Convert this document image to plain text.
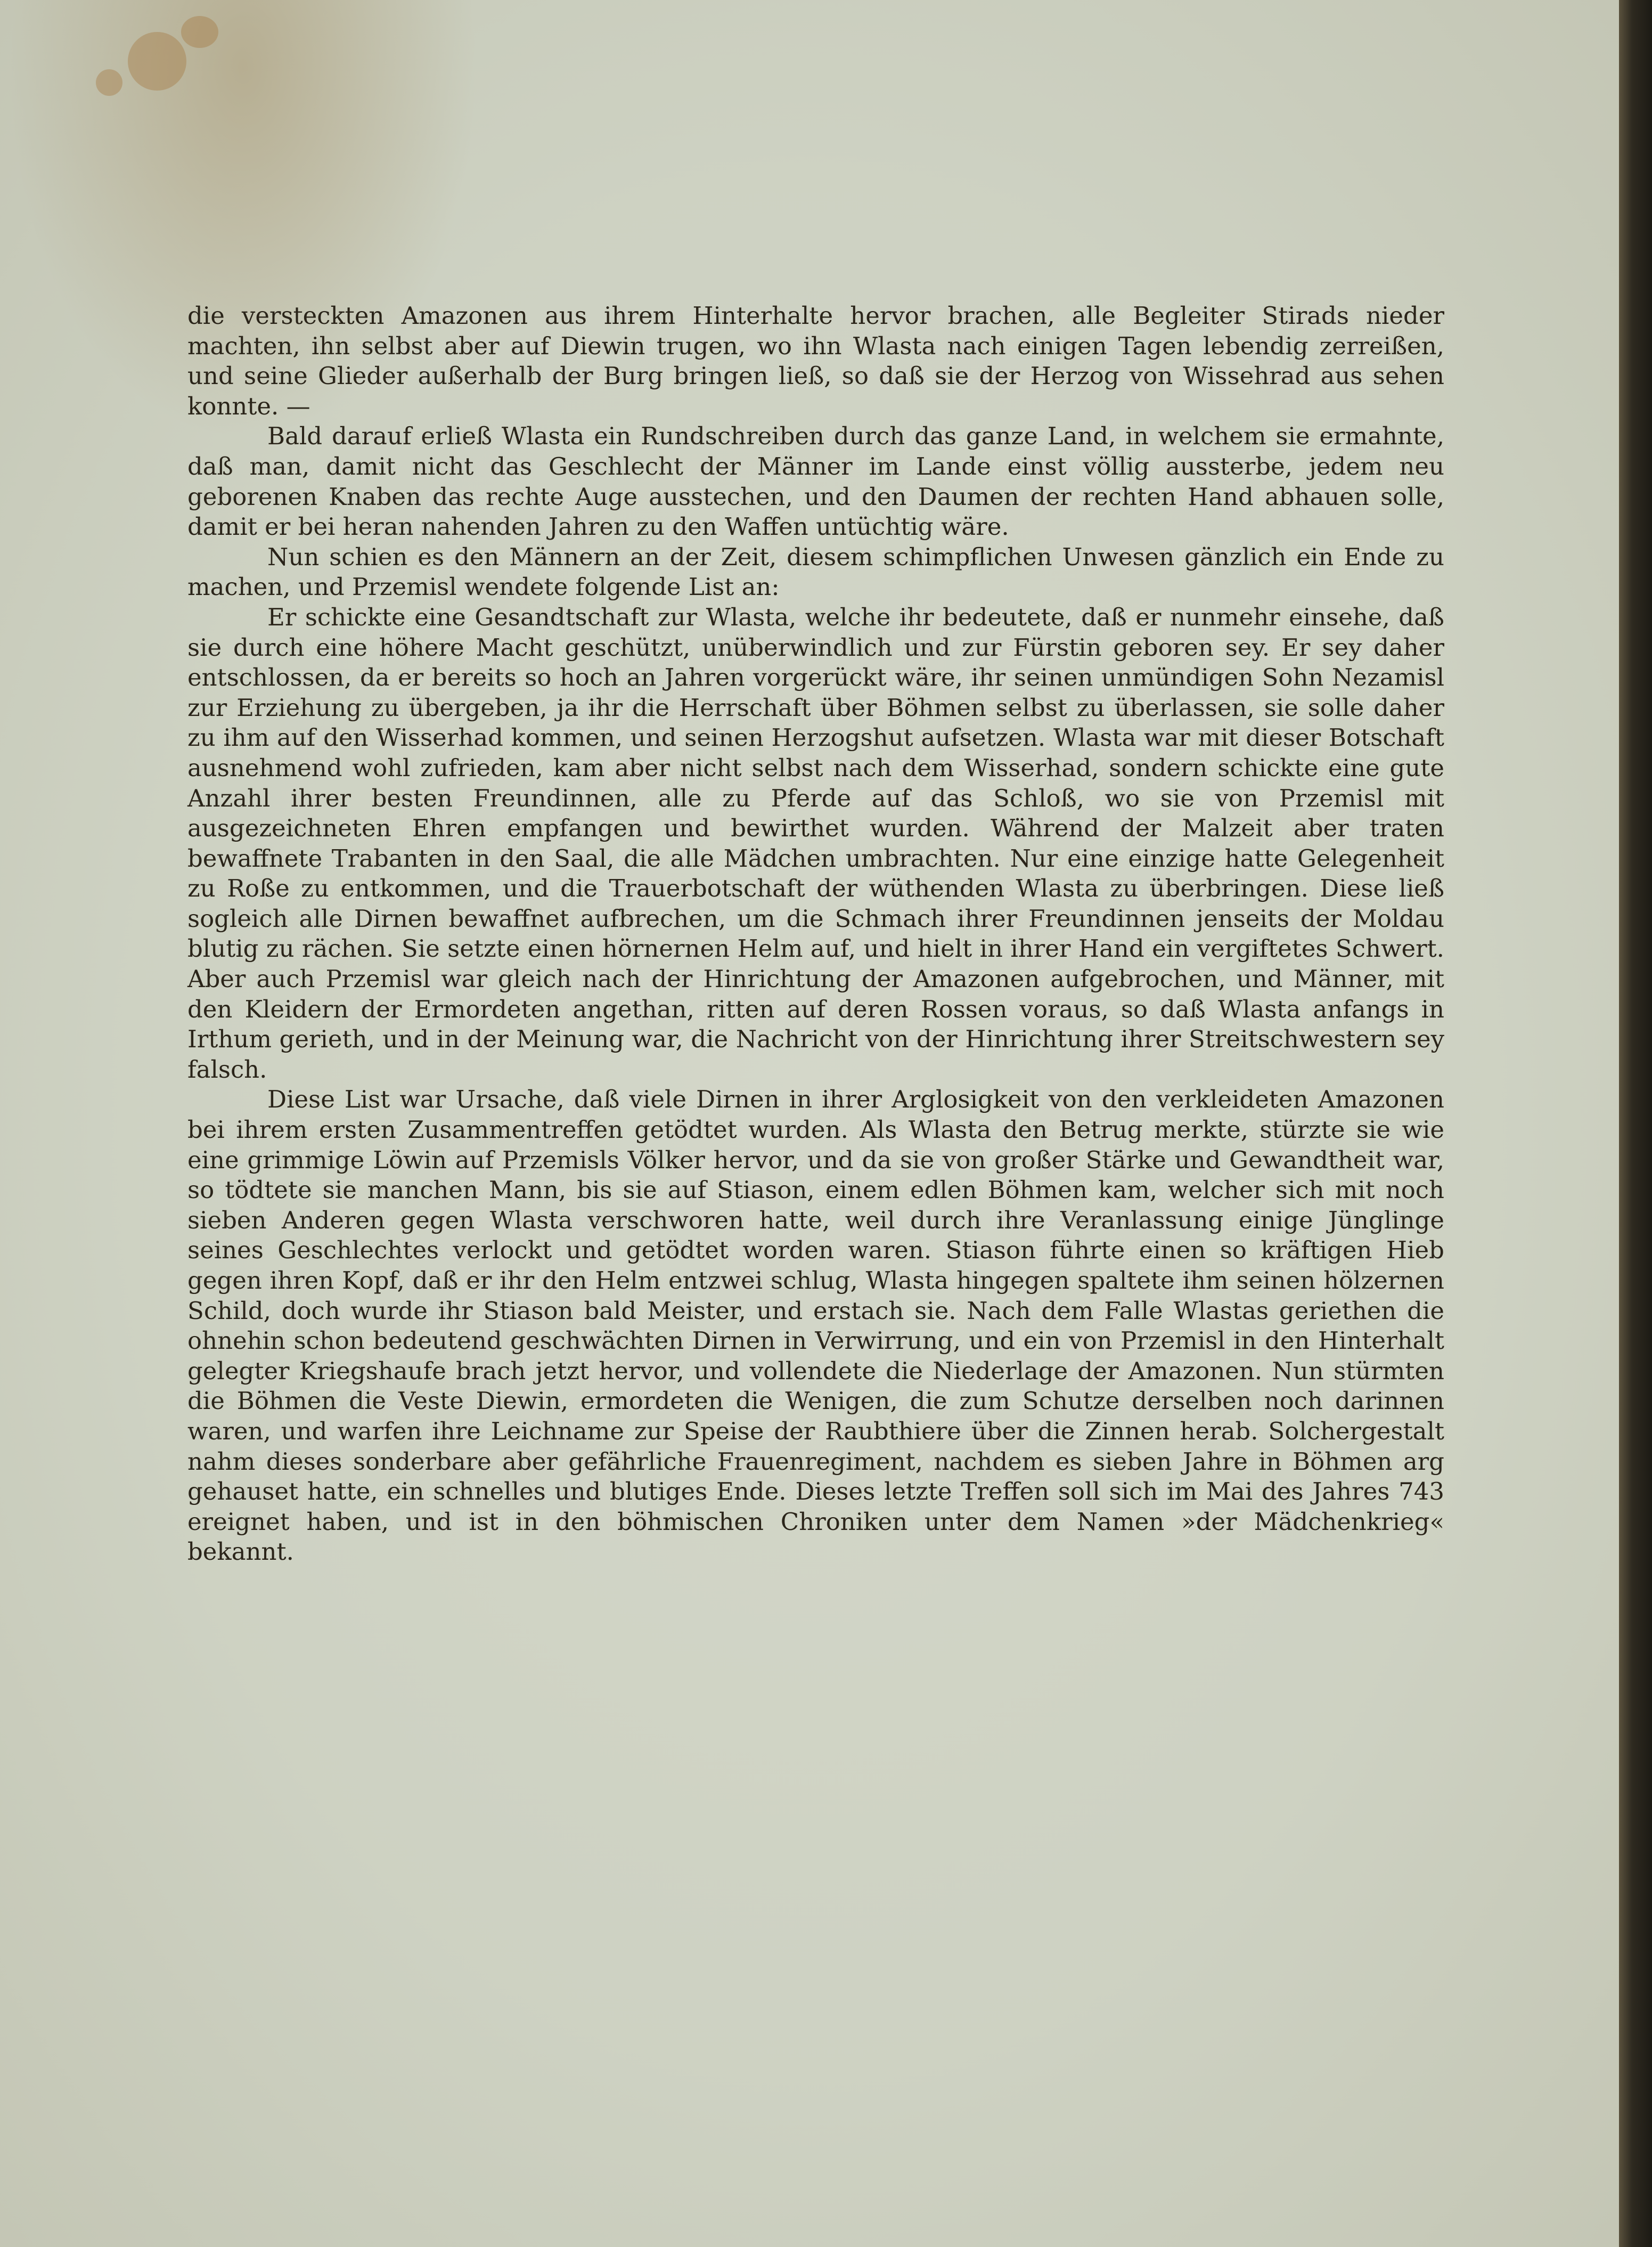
die versteckten Amazonen aus ihrem Hinterhalte hervor brachen, alle Begleiter Stirads nieder machten, ihn selbst aber auf Diewin trugen, wo ihn Wlasta nach einigen Tagen lebendig zerreißen, und seine Glieder außerhalb der Burg bringen ließ, so daß sie der Herzog von Wissehrad aus sehen konnte. —

Bald darauf erließ Wlasta ein Rundschreiben durch das ganze Land, in welchem sie ermahnte, daß man, damit nicht das Geschlecht der Männer im Lande einst völlig aussterbe, jedem neu geborenen Knaben das rechte Auge ausstechen, und den Daumen der rechten Hand abhauen solle, damit er bei heran nahenden Jahren zu den Waffen untüchtig wäre.

Nun schien es den Männern an der Zeit, diesem schimpflichen Unwesen gänzlich ein Ende zu machen, und Przemisl wendete folgende List an:

Er schickte eine Gesandtschaft zur Wlasta, welche ihr bedeutete, daß er nunmehr einsehe, daß sie durch eine höhere Macht geschützt, unüberwindlich und zur Fürstin geboren sey. Er sey daher entschlossen, da er bereits so hoch an Jahren vorgerückt wäre, ihr seinen unmündigen Sohn Nezamisl zur Erziehung zu übergeben, ja ihr die Herrschaft über Böhmen selbst zu überlassen, sie solle daher zu ihm auf den Wisserhad kommen, und seinen Herzogshut aufsetzen. Wlasta war mit dieser Botschaft ausnehmend wohl zufrieden, kam aber nicht selbst nach dem Wisserhad, sondern schickte eine gute Anzahl ihrer besten Freundinnen, alle zu Pferde auf das Schloß, wo sie von Przemisl mit ausgezeichneten Ehren empfangen und bewirthet wurden. Während der Malzeit aber traten bewaffnete Trabanten in den Saal, die alle Mädchen umbrachten. Nur eine einzige hatte Gelegenheit zu Roße zu entkommen, und die Trauerbotschaft der wüthenden Wlasta zu überbringen. Diese ließ sogleich alle Dirnen bewaffnet aufbrechen, um die Schmach ihrer Freundinnen jenseits der Moldau blutig zu rächen. Sie setzte einen hörnernen Helm auf, und hielt in ihrer Hand ein vergiftetes Schwert. Aber auch Przemisl war gleich nach der Hinrichtung der Amazonen aufgebrochen, und Männer, mit den Kleidern der Ermordeten angethan, ritten auf deren Rossen voraus, so daß Wlasta anfangs in Irthum gerieth, und in der Meinung war, die Nachricht von der Hinrichtung ihrer Streitschwestern sey falsch.

Diese List war Ursache, daß viele Dirnen in ihrer Arglosigkeit von den verkleideten Amazonen bei ihrem ersten Zusammentreffen getödtet wurden. Als Wlasta den Betrug merkte, stürzte sie wie eine grimmige Löwin auf Przemisls Völker hervor, und da sie von großer Stärke und Gewandtheit war, so tödtete sie manchen Mann, bis sie auf Stiason, einem edlen Böhmen kam, welcher sich mit noch sieben Anderen gegen Wlasta verschworen hatte, weil durch ihre Veranlassung einige Jünglinge seines Geschlechtes verlockt und getödtet worden waren. Stiason führte einen so kräftigen Hieb gegen ihren Kopf, daß er ihr den Helm entzwei schlug, Wlasta hingegen spaltete ihm seinen hölzernen Schild, doch wurde ihr Stiason bald Meister, und erstach sie. Nach dem Falle Wlastas geriethen die ohnehin schon bedeutend geschwächten Dirnen in Verwirrung, und ein von Przemisl in den Hinterhalt gelegter Kriegshaufe brach jetzt hervor, und vollendete die Niederlage der Amazonen. Nun stürmten die Böhmen die Veste Diewin, ermordeten die Wenigen, die zum Schutze derselben noch darinnen waren, und warfen ihre Leichname zur Speise der Raubthiere über die Zinnen herab. Solchergestalt nahm dieses sonderbare aber gefährliche Frauenregiment, nachdem es sieben Jahre in Böhmen arg gehauset hatte, ein schnelles und blutiges Ende. Dieses letzte Treffen soll sich im Mai des Jahres 743 ereignet haben, und ist in den böhmischen Chroniken unter dem Namen »der Mädchenkrieg« bekannt.
